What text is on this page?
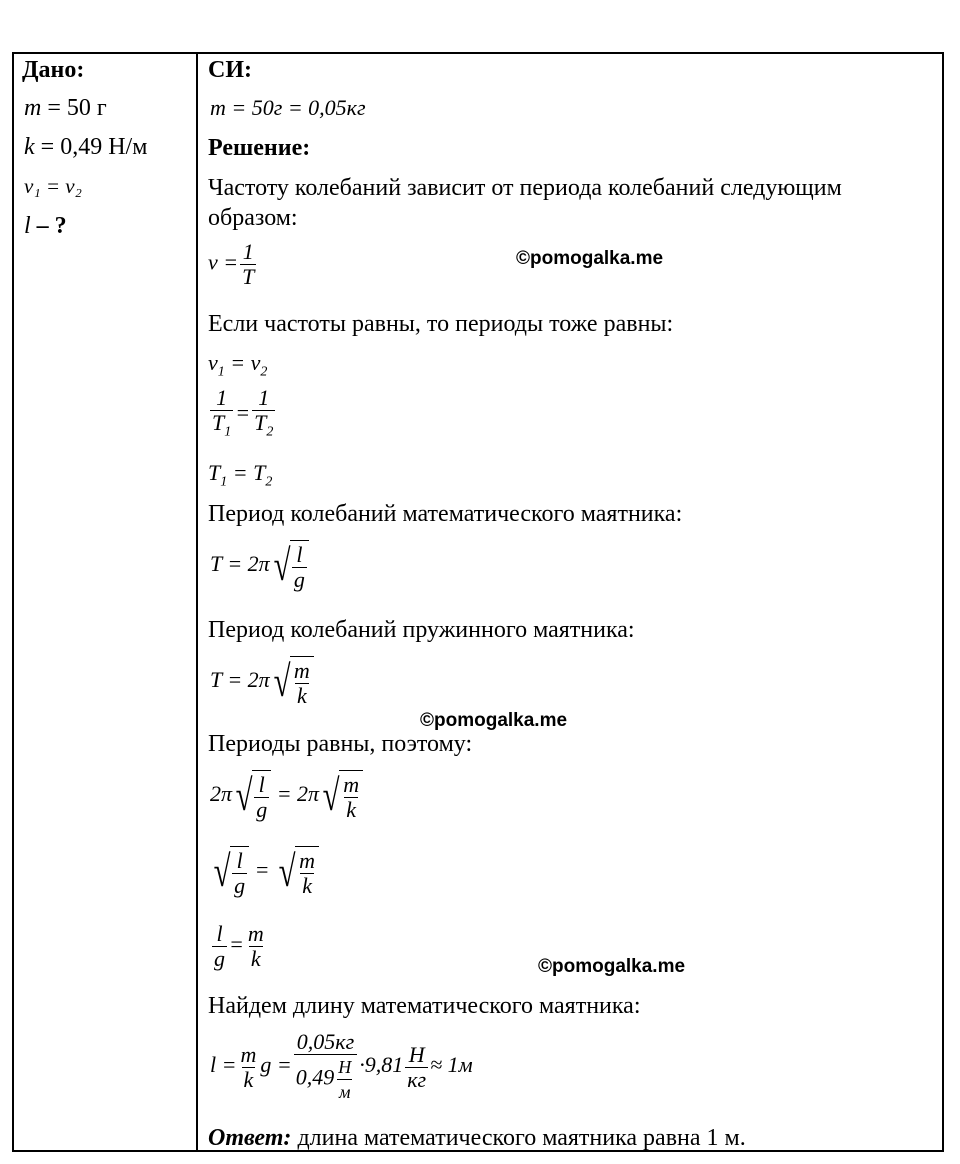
Дано:
m = 50 г
k = 0,49 Н/м
ν₁ = ν₂
l – ?
СИ:
m = 50г = 0,05кг
Решение:
Частоту колебаний зависит от периода колебаний следующим
образом:
$\nu = \frac{1}{T}$	©pomogalka.me
Если частоты равны, то периоды тоже равны:
$\nu_1 = \nu_2$
$\frac{1}{T_1} = \frac{1}{T_2}$
$T_1 = T_2$
Период колебаний математического маятника:
T = 2π √ $\frac{l}{g}$
Период колебаний пружинного маятника:
T = 2π √ $\frac{m}{k}$
©pomogalka.me
Периоды равны, поэтому:
2π √ $\frac{l}{g} = 2\pi$ √ $\frac{m}{k}$
√ $\frac{l}{g}$ = √ $\frac{m}{k}$
$\frac{l}{g} = \frac{m}{k}$	©pomogalka.me
Найдем длину математического маятника:
$l = \frac{m}{k}$ $g = \frac{0,05кг}{0,49 \frac{Н}{м}} \cdot 9,81 \frac{Н}{кг} \approx 1м$
Ответ: длина математического маятника равна 1 м.
